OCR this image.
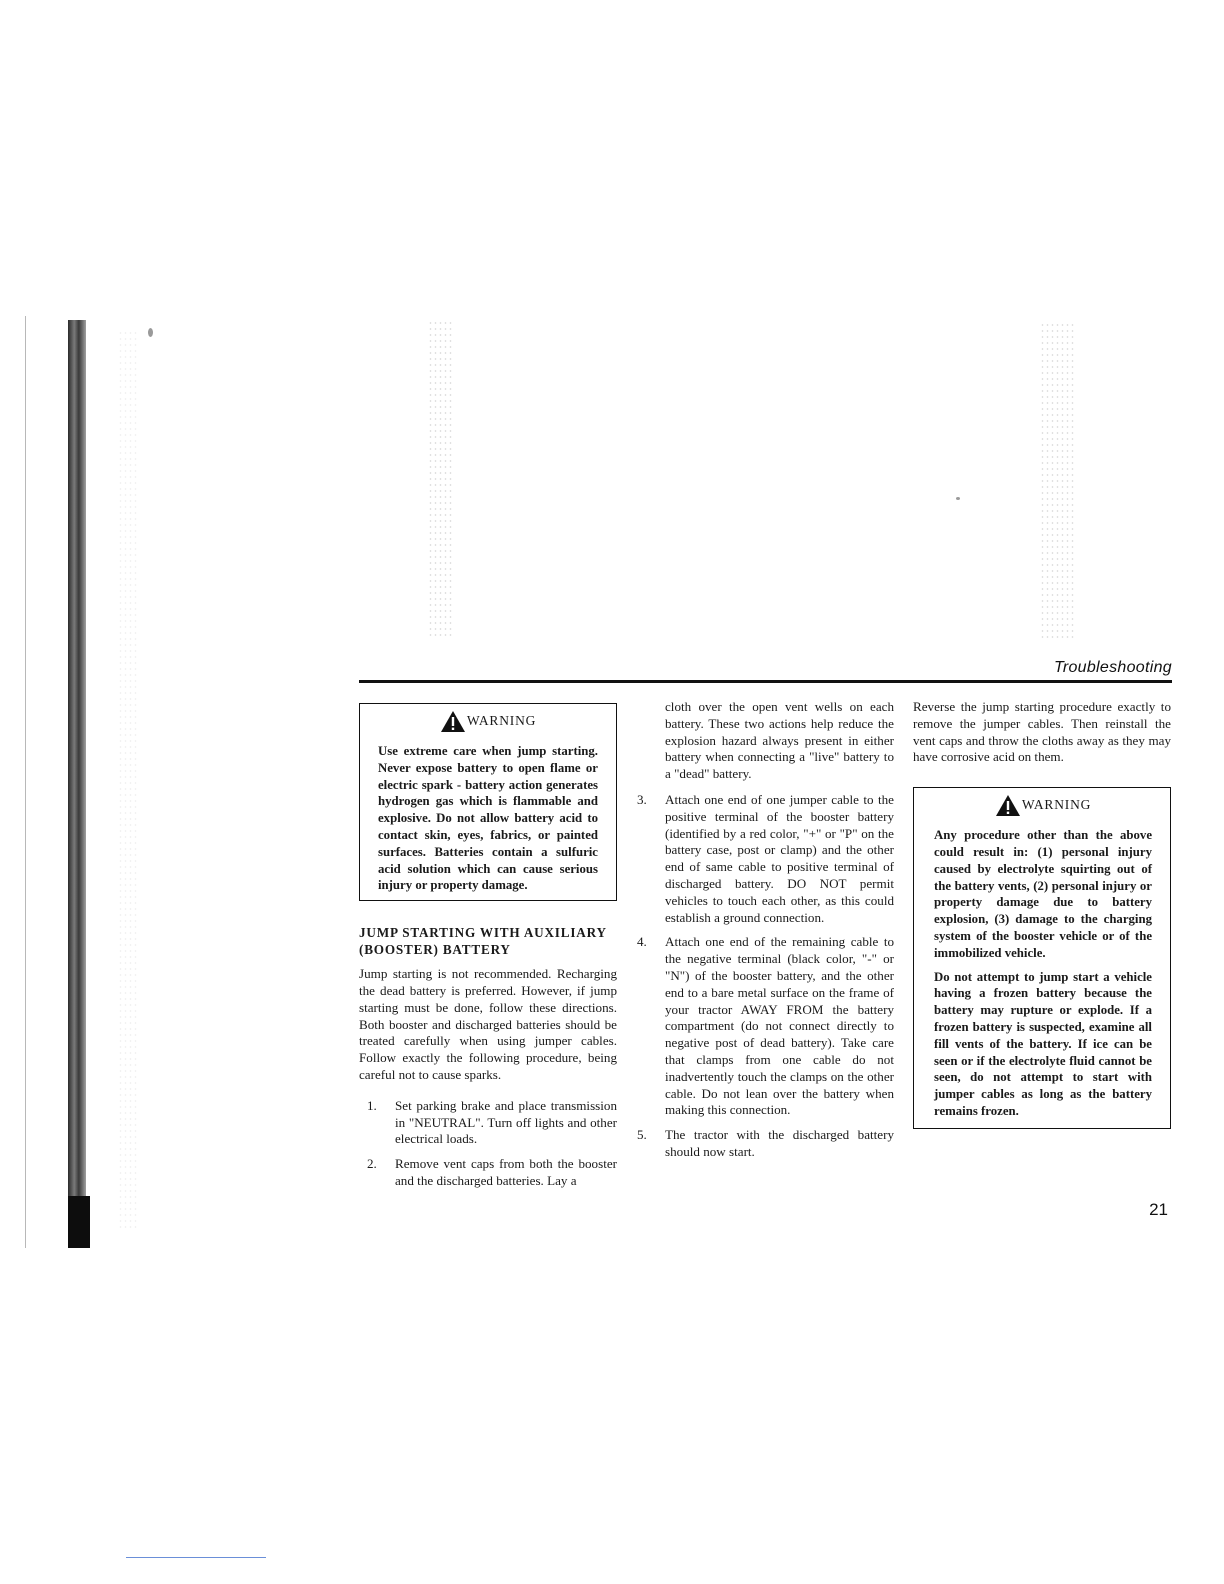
Troubleshooting
WARNING

Use extreme care when jump starting. Never expose battery to open flame or electric spark - battery action generates hydrogen gas which is flammable and explosive. Do not allow battery acid to contact skin, eyes, fabrics, or painted surfaces. Batteries contain a sulfuric acid solution which can cause serious injury or property damage.

JUMP STARTING WITH AUXILIARY (BOOSTER) BATTERY

Jump starting is not recommended. Recharging the dead battery is preferred. However, if jump starting must be done, follow these directions. Both booster and discharged batteries should be treated carefully when using jumper cables. Follow exactly the following procedure, being careful not to cause sparks.

1.	Set parking brake and place transmission in "NEUTRAL". Turn off lights and other electrical loads.
2.	Remove vent caps from both the booster and the discharged batteries. Lay a

cloth over the open vent wells on each battery. These two actions help reduce the explosion hazard always present in either battery when connecting a "live" battery to a "dead" battery.

3.	Attach one end of one jumper cable to the positive terminal of the booster battery (identified by a red color, "+" or "P" on the battery case, post or clamp) and the other end of same cable to positive terminal of discharged battery. DO NOT permit vehicles to touch each other, as this could establish a ground connection.
4.	Attach one end of the remaining cable to the negative terminal (black color, "-" or "N") of the booster battery, and the other end to a bare metal surface on the frame of your tractor AWAY FROM the battery compartment (do not connect directly to negative post of dead battery). Take care that clamps from one cable do not inadvertently touch the clamps on the other cable. Do not lean over the battery when making this connection.
5.	The tractor with the discharged battery should now start.

Reverse the jump starting procedure exactly to remove the jumper cables. Then reinstall the vent caps and throw the cloths away as they may have corrosive acid on them.

WARNING

Any procedure other than the above could result in: (1) personal injury caused by electrolyte squirting out of the battery vents, (2) personal injury or property damage due to battery explosion, (3) damage to the charging system of the booster vehicle or of the immobilized vehicle.

Do not attempt to jump start a vehicle having a frozen battery because the battery may rupture or explode. If a frozen battery is suspected, examine all fill vents of the battery. If ice can be seen or if the electrolyte fluid cannot be seen, do not attempt to start with jumper cables as long as the battery remains frozen.

21
